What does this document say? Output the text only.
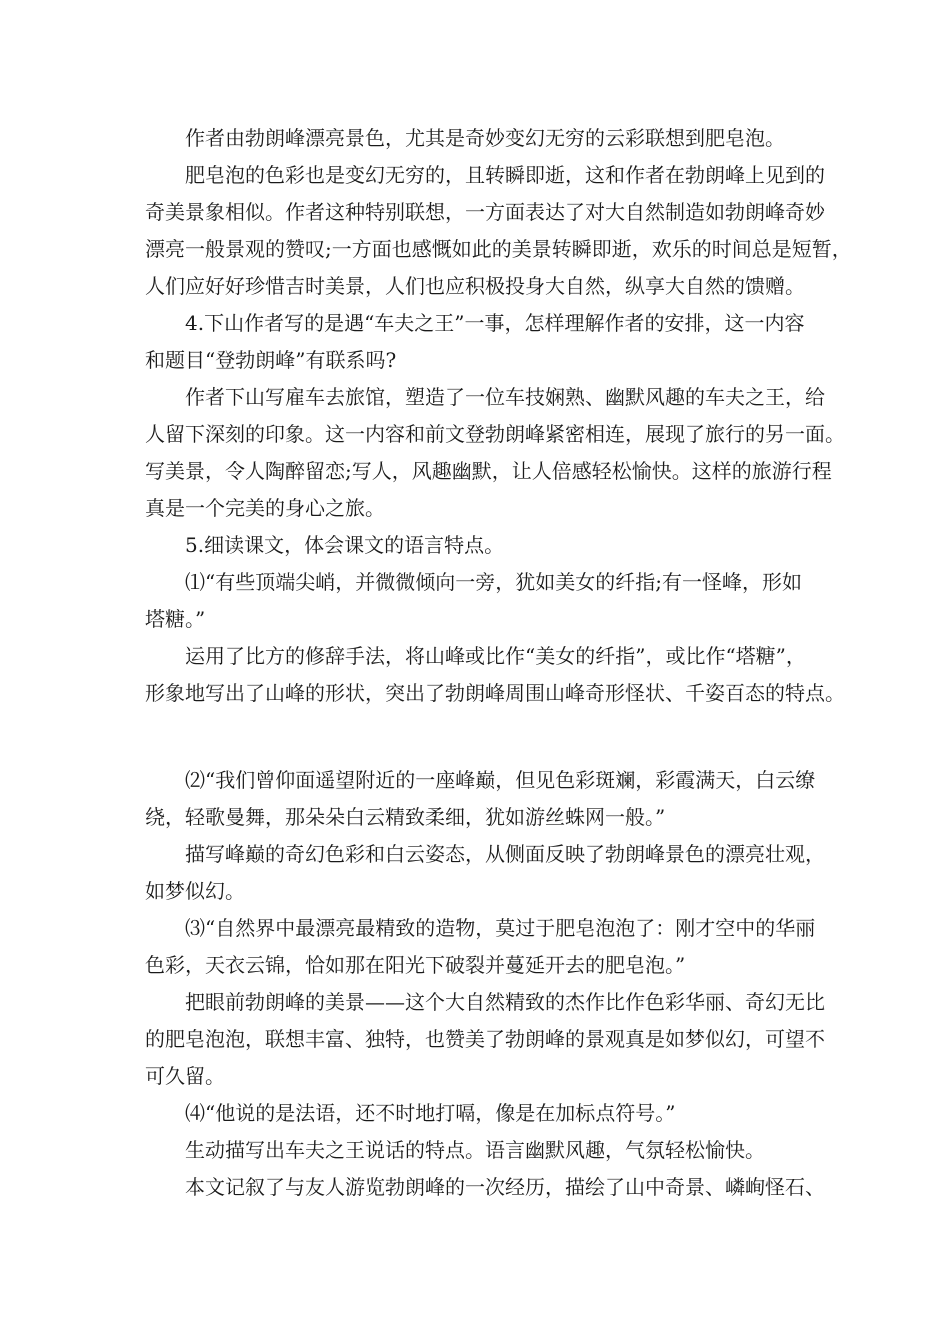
作者由勃朗峰漂亮景色，尤其是奇妙变幻无穷的云彩联想到肥皂泡。

肥皂泡的色彩也是变幻无穷的，且转瞬即逝，这和作者在勃朗峰上见到的

奇美景象相似。作者这种特别联想，一方面表达了对大自然制造如勃朗峰奇妙

漂亮一般景观的赞叹;一方面也感慨如此的美景转瞬即逝，欢乐的时间总是短暂，

人们应好好珍惜吉时美景，人们也应积极投身大自然，纵享大自然的馈赠。

4.下山作者写的是遇“车夫之王”一事，怎样理解作者的安排，这一内容

和题目“登勃朗峰”有联系吗?

作者下山写雇车去旅馆，塑造了一位车技娴熟、幽默风趣的车夫之王，给

人留下深刻的印象。这一内容和前文登勃朗峰紧密相连，展现了旅行的另一面。

写美景，令人陶醉留恋;写人，风趣幽默，让人倍感轻松愉快。这样的旅游行程

真是一个完美的身心之旅。

5.细读课文，体会课文的语言特点。

⑴“有些顶端尖峭，并微微倾向一旁，犹如美女的纤指;有一怪峰，形如

塔糖。”

运用了比方的修辞手法，将山峰或比作“美女的纤指”，或比作“塔糖”，

形象地写出了山峰的形状，突出了勃朗峰周围山峰奇形怪状、千姿百态的特点。

⑵“我们曾仰面遥望附近的一座峰巅，但见色彩斑斓，彩霞满天，白云缭

绕，轻歌曼舞，那朵朵白云精致柔细，犹如游丝蛛网一般。”

描写峰巅的奇幻色彩和白云姿态，从侧面反映了勃朗峰景色的漂亮壮观，

如梦似幻。

⑶“自然界中最漂亮最精致的造物，莫过于肥皂泡泡了：刚才空中的华丽

色彩，天衣云锦，恰如那在阳光下破裂并蔓延开去的肥皂泡。”

把眼前勃朗峰的美景——这个大自然精致的杰作比作色彩华丽、奇幻无比

的肥皂泡泡，联想丰富、独特，也赞美了勃朗峰的景观真是如梦似幻，可望不

可久留。

⑷“他说的是法语，还不时地打嗝，像是在加标点符号。”

生动描写出车夫之王说话的特点。语言幽默风趣，气氛轻松愉快。

本文记叙了与友人游览勃朗峰的一次经历，描绘了山中奇景、嶙峋怪石、
